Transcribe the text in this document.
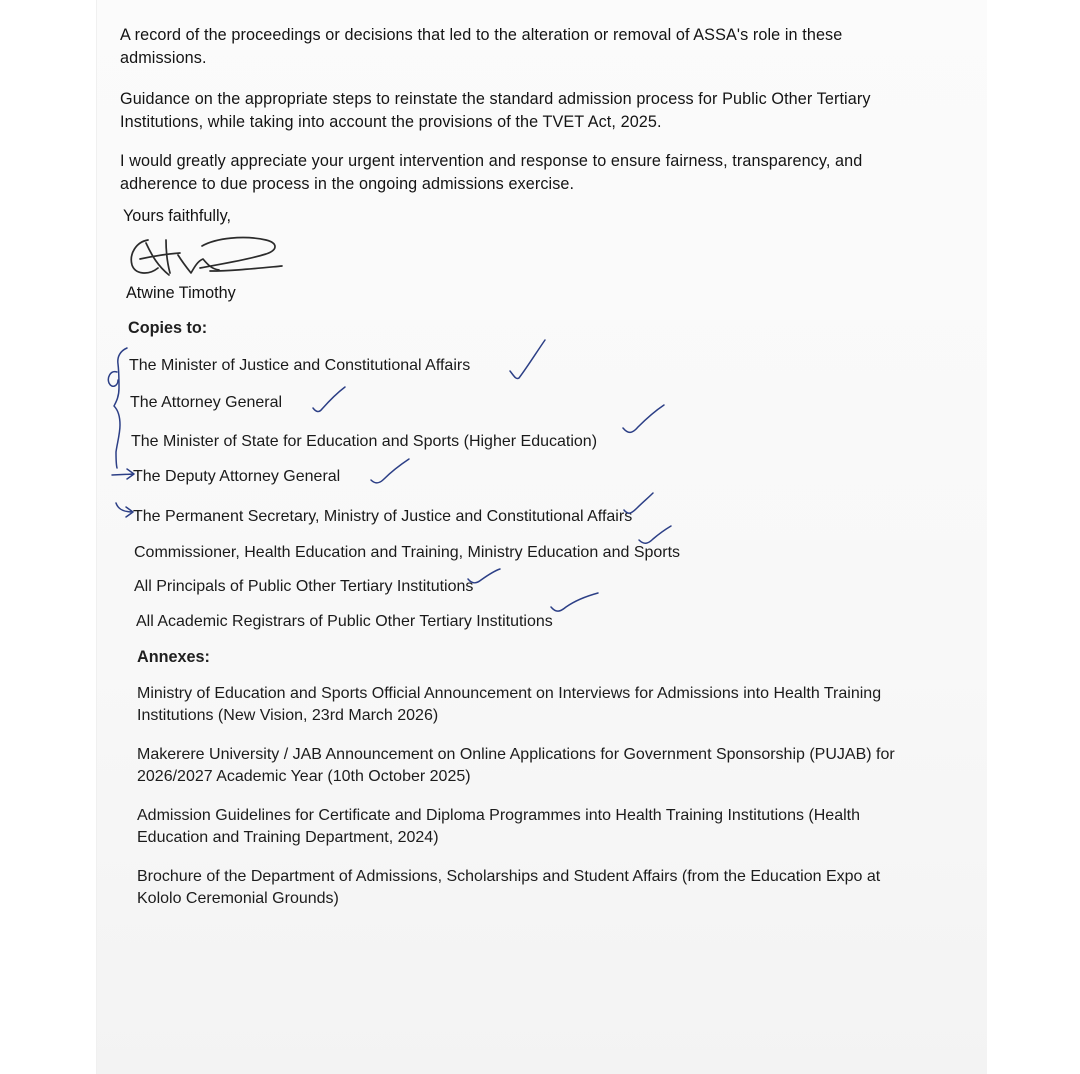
A record of the proceedings or decisions that led to the alteration or removal of ASSA's role in these admissions.

Guidance on the appropriate steps to reinstate the standard admission process for Public Other Tertiary Institutions, while taking into account the provisions of the TVET Act, 2025.

I would greatly appreciate your urgent intervention and response to ensure fairness, transparency, and adherence to due process in the ongoing admissions exercise.

Yours faithfully,
Atwine Timothy
Copies to:
The Minister of Justice and Constitutional Affairs
The Attorney General
The Minister of State for Education and Sports (Higher Education)
The Deputy Attorney General
The Permanent Secretary, Ministry of Justice and Constitutional Affairs
Commissioner, Health Education and Training, Ministry Education and Sports
All Principals of Public Other Tertiary Institutions
All Academic Registrars of Public Other Tertiary Institutions
Annexes:
Ministry of Education and Sports Official Announcement on Interviews for Admissions into Health Training Institutions (New Vision, 23rd March 2026)
Makerere University / JAB Announcement on Online Applications for Government Sponsorship (PUJAB) for 2026/2027 Academic Year (10th October 2025)
Admission Guidelines for Certificate and Diploma Programmes into Health Training Institutions (Health Education and Training Department, 2024)
Brochure of the Department of Admissions, Scholarships and Student Affairs (from the Education Expo at Kololo Ceremonial Grounds)
